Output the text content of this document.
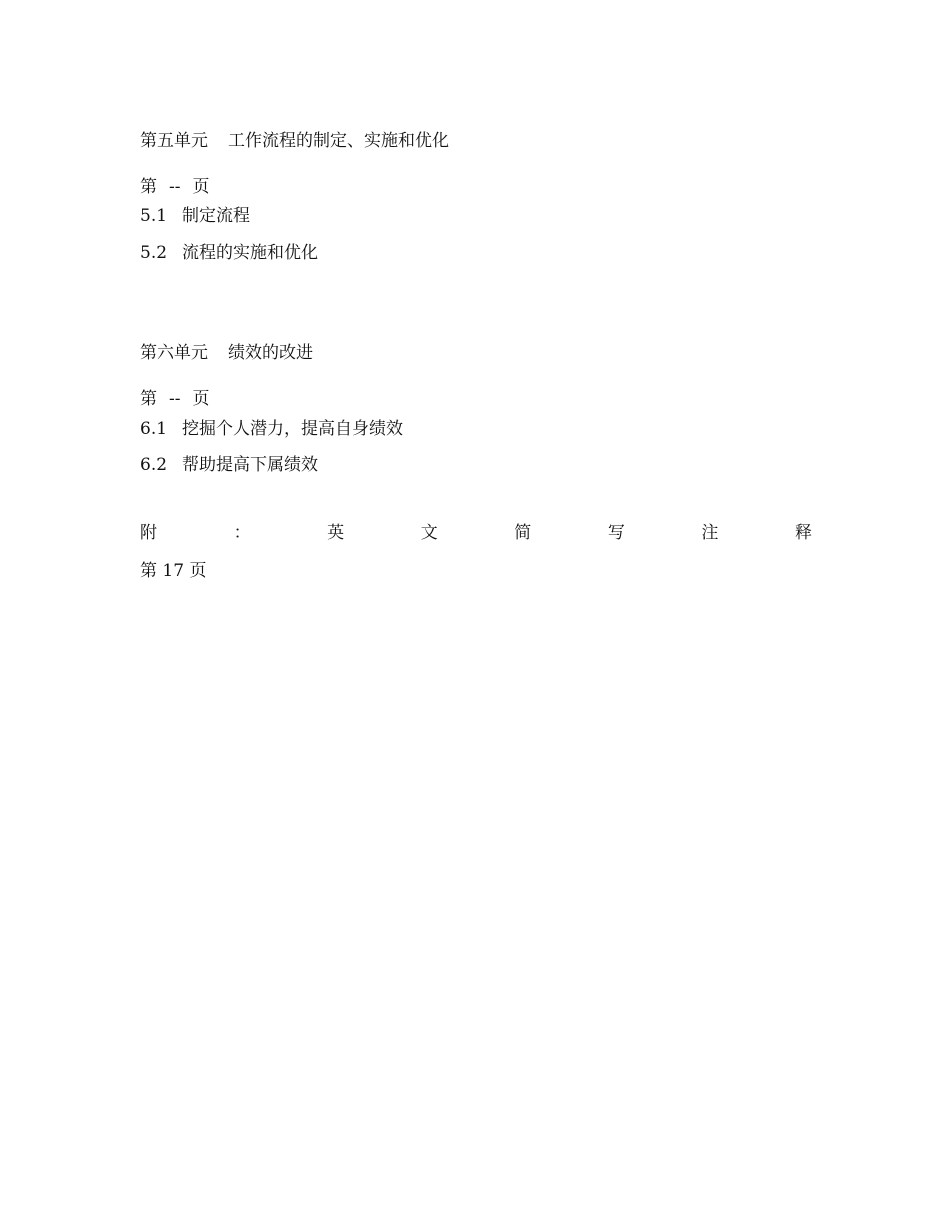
第五单元 工作流程的制定、实施和优化
第 -- 页
5.1 制定流程
5.2 流程的实施和优化
第六单元 绩效的改进
第 -- 页
6.1 挖掘个人潜力，提高自身绩效
6.2 帮助提高下属绩效
附	：	英	文	简	写	注	释
第 17 页
